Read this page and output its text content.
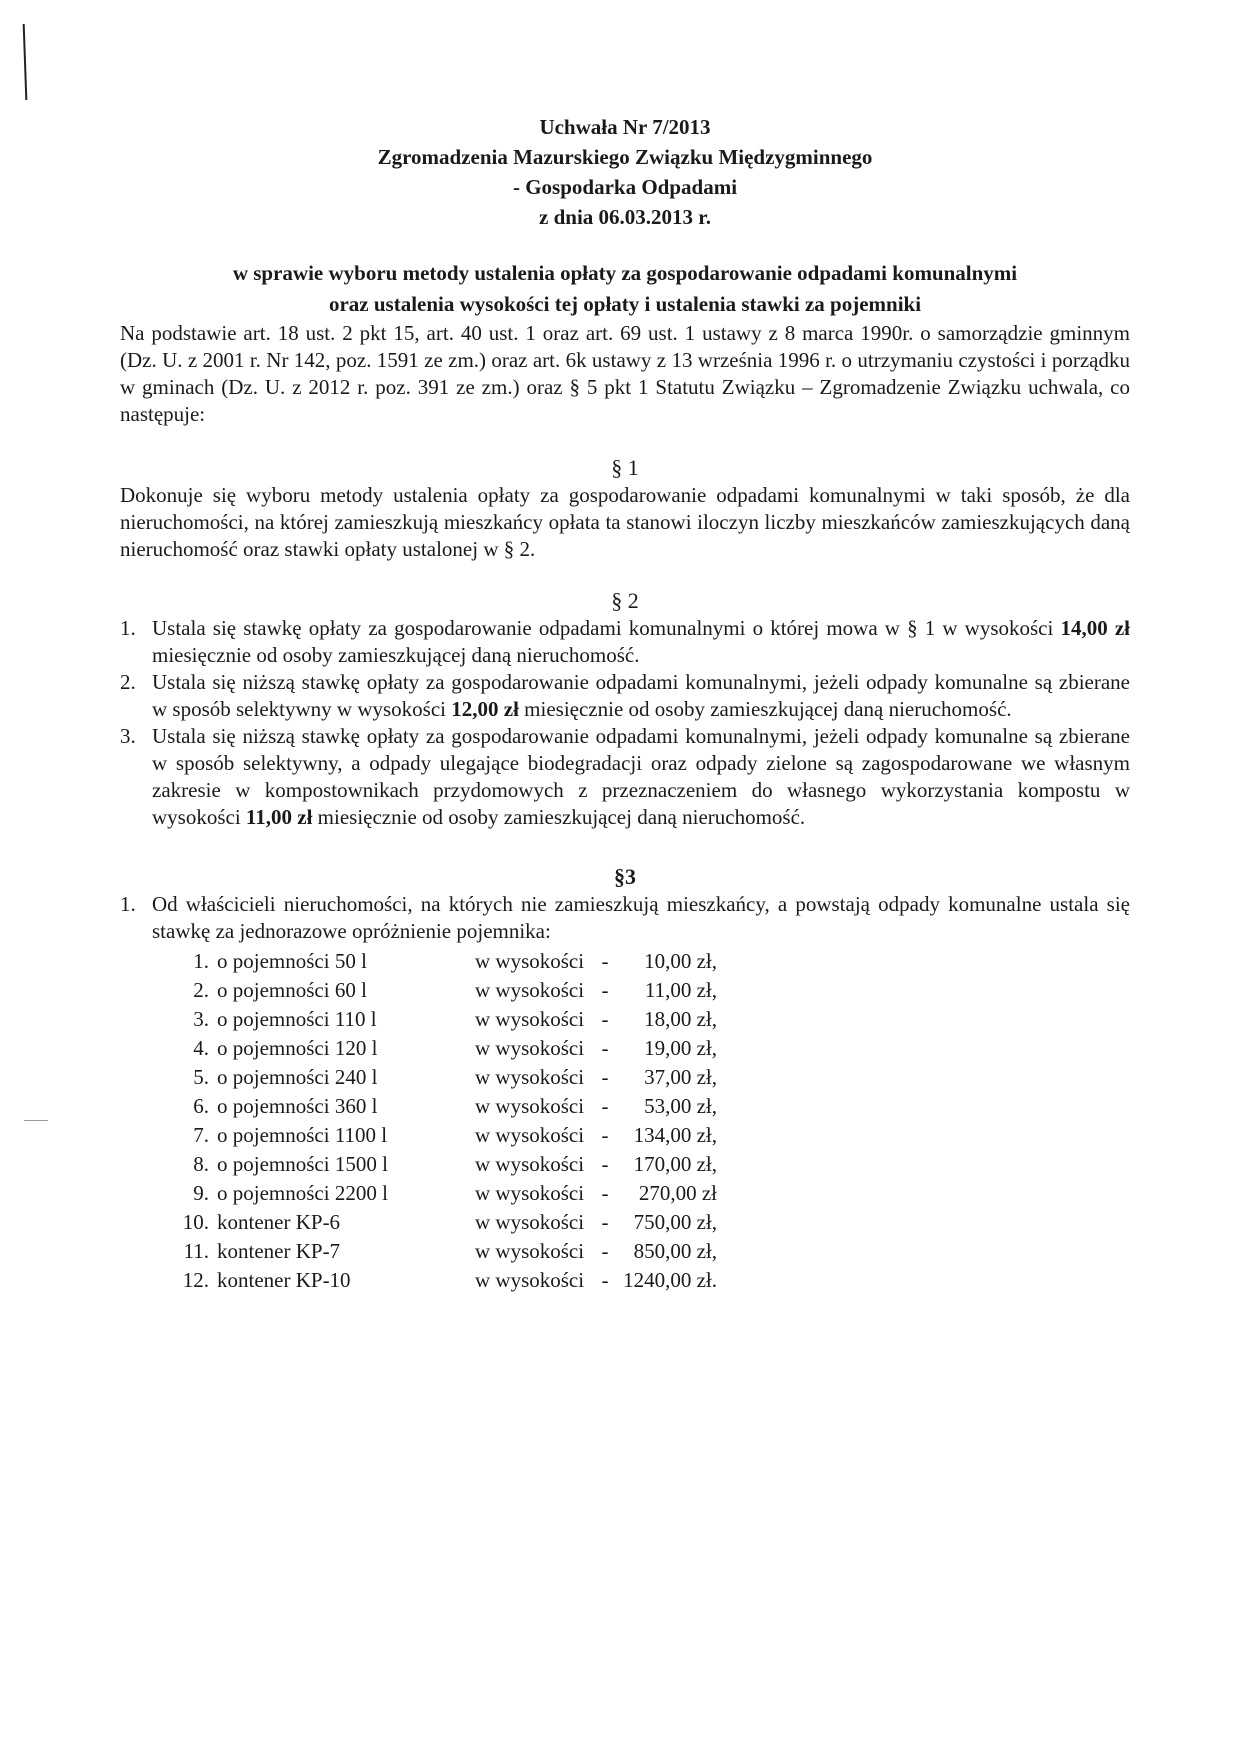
Uchwała Nr 7/2013
Zgromadzenia Mazurskiego Związku Międzygminnego
- Gospodarka Odpadami
z dnia 06.03.2013 r.
w sprawie wyboru metody ustalenia opłaty za gospodarowanie odpadami komunalnymi
oraz ustalenia wysokości tej opłaty i ustalenia stawki za pojemniki

Na podstawie art. 18 ust. 2 pkt 15, art. 40 ust. 1 oraz art. 69 ust. 1 ustawy z 8 marca 1990r. o samorządzie gminnym (Dz. U. z 2001 r. Nr 142, poz. 1591 ze zm.) oraz art. 6k ustawy z 13 września 1996 r. o utrzymaniu czystości i porządku w gminach (Dz. U. z 2012 r. poz. 391 ze zm.) oraz § 5 pkt 1 Statutu Związku – Zgromadzenie Związku uchwala, co następuje:

§ 1

Dokonuje się wyboru metody ustalenia opłaty za gospodarowanie odpadami komunalnymi w taki sposób, że dla nieruchomości, na której zamieszkują mieszkańcy opłata ta stanowi iloczyn liczby mieszkańców zamieszkujących daną nieruchomość oraz stawki opłaty ustalonej w § 2.

§ 2
1. Ustala się stawkę opłaty za gospodarowanie odpadami komunalnymi o której mowa w § 1 w wysokości 14,00 zł miesięcznie od osoby zamieszkującej daną nieruchomość.
2. Ustala się niższą stawkę opłaty za gospodarowanie odpadami komunalnymi, jeżeli odpady komunalne są zbierane w sposób selektywny w wysokości 12,00 zł miesięcznie od osoby zamieszkującej daną nieruchomość.
3. Ustala się niższą stawkę opłaty za gospodarowanie odpadami komunalnymi, jeżeli odpady komunalne są zbierane w sposób selektywny, a odpady ulegające biodegradacji oraz odpady zielone są zagospodarowane we własnym zakresie w kompostownikach przydomowych z przeznaczeniem do własnego wykorzystania kompostu w wysokości 11,00 zł miesięcznie od osoby zamieszkującej daną nieruchomość.
§3
1. Od właścicieli nieruchomości, na których nie zamieszkują mieszkańcy, a powstają odpady komunalne ustala się stawkę za jednorazowe opróżnienie pojemnika:
1.	o pojemności 50 l	w wysokości	-	10,00 zł,
2.	o pojemności 60 l	w wysokości	-	11,00 zł,
3.	o pojemności 110 l	w wysokości	-	18,00 zł,
4.	o pojemności 120 l	w wysokości	-	19,00 zł,
5.	o pojemności 240 l	w wysokości	-	37,00 zł,
6.	o pojemności 360 l	w wysokości	-	53,00 zł,
7.	o pojemności 1100 l	w wysokości	-	134,00 zł,
8.	o pojemności 1500 l	w wysokości	-	170,00 zł,
9.	o pojemności 2200 l	w wysokości	-	270,00 zł
10.	kontener KP-6	w wysokości	-	750,00 zł,
11.	kontener KP-7	w wysokości	-	850,00 zł,
12.	kontener KP-10	w wysokości	-	1240,00 zł.
